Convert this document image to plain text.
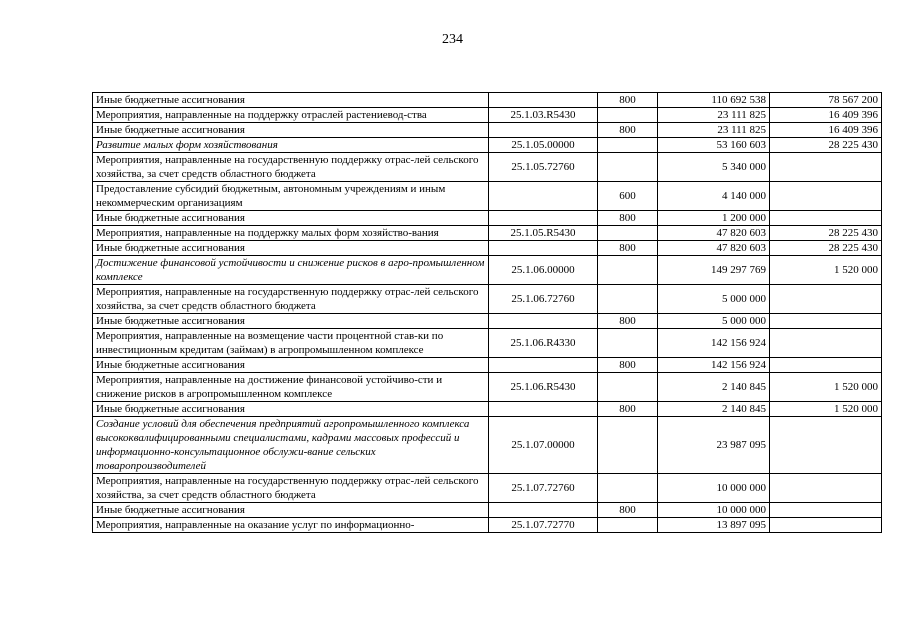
234
Иные бюджетные ассигнования		800	110 692 538	78 567 200
Мероприятия, направленные на поддержку отраслей растениевод-ства	25.1.03.R5430		23 111 825	16 409 396
Иные бюджетные ассигнования		800	23 111 825	16 409 396
Развитие малых форм хозяйствования	25.1.05.00000		53 160 603	28 225 430
Мероприятия, направленные на государственную поддержку отрас-лей сельского хозяйства, за счет средств областного бюджета	25.1.05.72760		5 340 000	
Предоставление субсидий бюджетным, автономным учреждениям и иным некоммерческим организациям		600	4 140 000	
Иные бюджетные ассигнования		800	1 200 000	
Мероприятия, направленные на поддержку малых форм хозяйство-вания	25.1.05.R5430		47 820 603	28 225 430
Иные бюджетные ассигнования		800	47 820 603	28 225 430
Достижение финансовой устойчивости и снижение рисков в агро-промышленном комплексе	25.1.06.00000		149 297 769	1 520 000
Мероприятия, направленные на государственную поддержку отрас-лей сельского хозяйства, за счет средств областного бюджета	25.1.06.72760		5 000 000	
Иные бюджетные ассигнования		800	5 000 000	
Мероприятия, направленные на возмещение части процентной став-ки по инвестиционным кредитам (займам) в агропромышленном комплексе	25.1.06.R4330		142 156 924	
Иные бюджетные ассигнования		800	142 156 924	
Мероприятия, направленные на достижение финансовой устойчиво-сти и снижение рисков в агропромышленном комплексе	25.1.06.R5430		2 140 845	1 520 000
Иные бюджетные ассигнования		800	2 140 845	1 520 000
Создание условий для обеспечения предприятий агропромышленного комплекса высококвалифицированными специалистами, кадрами массовых профессий и информационно-консультационное обслужи-вание сельских товаропроизводителей	25.1.07.00000		23 987 095	
Мероприятия, направленные на государственную поддержку отрас-лей сельского хозяйства, за счет средств областного бюджета	25.1.07.72760		10 000 000	
Иные бюджетные ассигнования		800	10 000 000	
Мероприятия, направленные на оказание услуг по информационно-	25.1.07.72770		13 897 095	
